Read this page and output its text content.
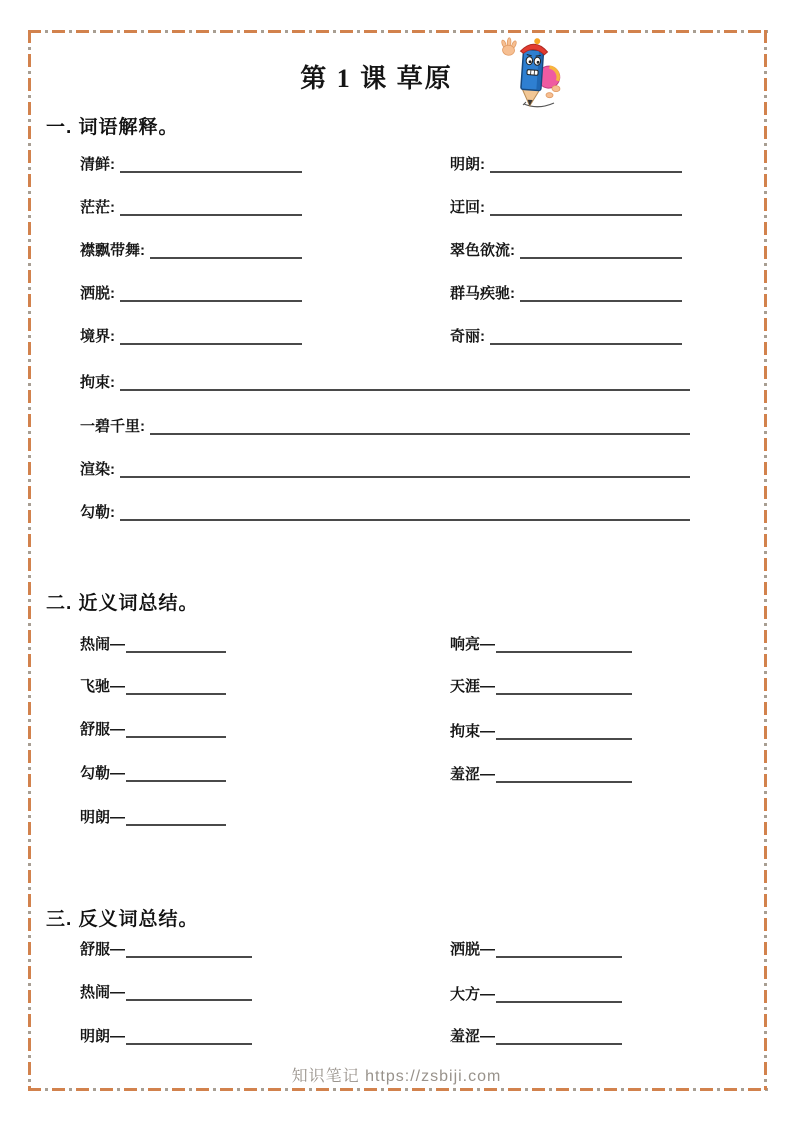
第 1 课 草原
一. 词语解释。
清鲜:	明朗:
茫茫:	迂回:
襟飘带舞:	翠色欲流:
洒脱:	群马疾驰:
境界:	奇丽:
拘束:
一碧千里:
渲染:
勾勒:
二. 近义词总结。
热闹—	响亮—
飞驰—	天涯—
舒服—	拘束—
勾勒—	羞涩—
明朗—
三. 反义词总结。
舒服—	洒脱—
热闹—	大方—
明朗—	羞涩—
知识笔记 https://zsbiji.com
